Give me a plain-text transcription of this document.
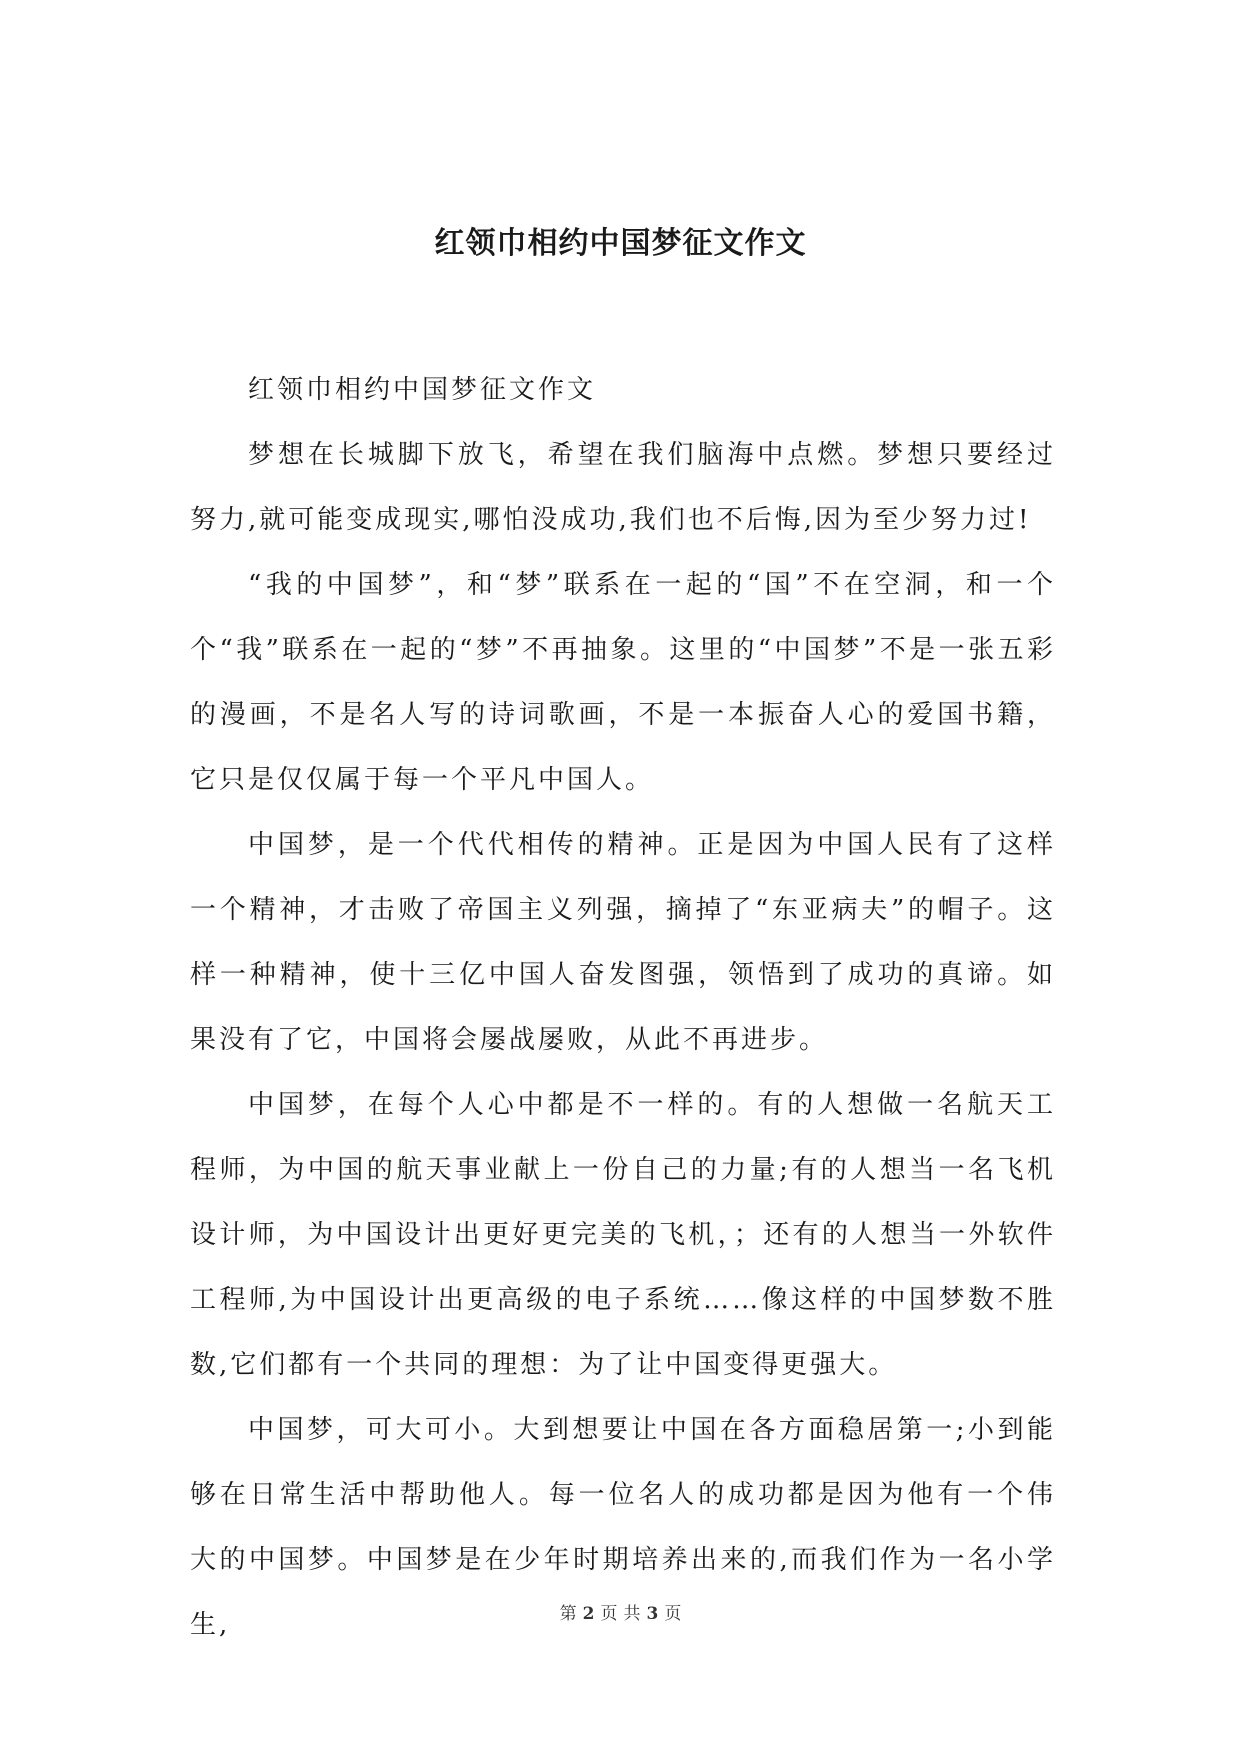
红领巾相约中国梦征文作文

红领巾相约中国梦征文作文

梦想在长城脚下放飞，希望在我们脑海中点燃。梦想只要经过努力,就可能变成现实,哪怕没成功,我们也不后悔,因为至少努力过!

“我的中国梦”，和“梦”联系在一起的“国”不在空洞，和一个个“我”联系在一起的“梦”不再抽象。这里的“中国梦”不是一张五彩的漫画，不是名人写的诗词歌画，不是一本振奋人心的爱国书籍，它只是仅仅属于每一个平凡中国人。

中国梦，是一个代代相传的精神。正是因为中国人民有了这样一个精神，才击败了帝国主义列强，摘掉了“东亚病夫”的帽子。这样一种精神，使十三亿中国人奋发图强，领悟到了成功的真谛。如果没有了它，中国将会屡战屡败，从此不再进步。

中国梦，在每个人心中都是不一样的。有的人想做一名航天工程师，为中国的航天事业献上一份自己的力量;有的人想当一名飞机设计师，为中国设计出更好更完美的飞机，；还有的人想当一外软件工程师,为中国设计出更高级的电子系统……像这样的中国梦数不胜数,它们都有一个共同的理想：为了让中国变得更强大。

中国梦，可大可小。大到想要让中国在各方面稳居第一;小到能够在日常生活中帮助他人。每一位名人的成功都是因为他有一个伟大的中国梦。中国梦是在少年时期培养出来的,而我们作为一名小学生,	第 2 页 共 3 页
